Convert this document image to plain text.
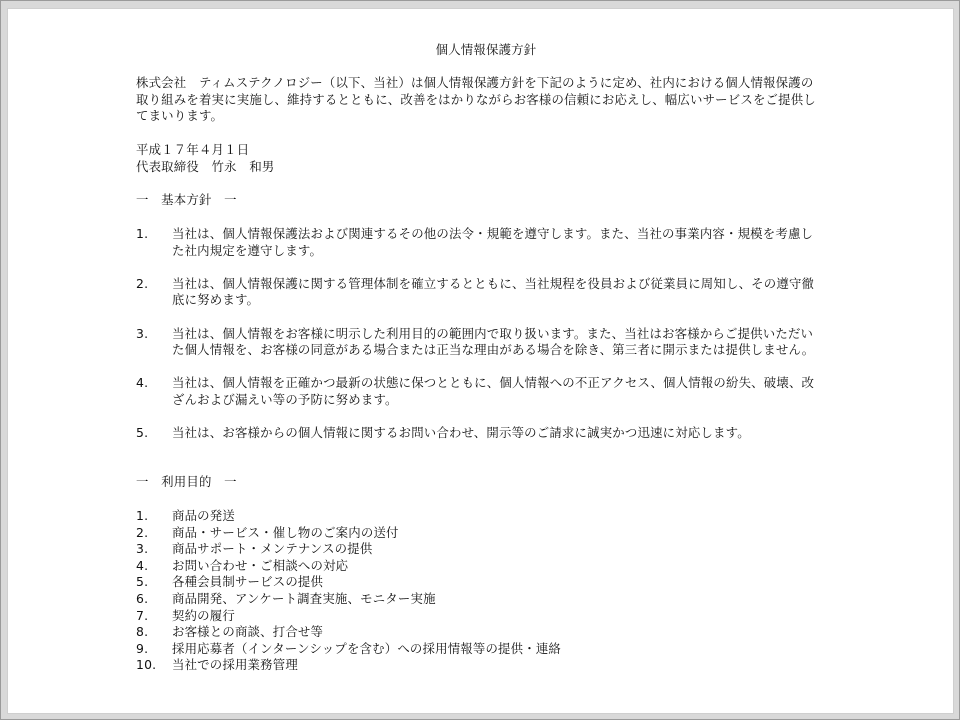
個人情報保護方針

株式会社　ティムステクノロジー（以下、当社）は個人情報保護方針を下記のように定め、社内における個人情報保護の取り組みを着実に実施し、維持するとともに、改善をはかりながらお客様の信頼にお応えし、幅広いサービスをご提供してまいります。

平成１７年４月１日
代表取締役　竹永　和男
一　基本方針　一
1. 当社は、個人情報保護法および関連するその他の法令・規範を遵守します。また、当社の事業内容・規模を考慮した社内規定を遵守します。
2. 当社は、個人情報保護に関する管理体制を確立するとともに、当社規程を役員および従業員に周知し、その遵守徹底に努めます。
3. 当社は、個人情報をお客様に明示した利用目的の範囲内で取り扱います。また、当社はお客様からご提供いただいた個人情報を、お客様の同意がある場合または正当な理由がある場合を除き、第三者に開示または提供しません。
4. 当社は、個人情報を正確かつ最新の状態に保つとともに、個人情報への不正アクセス、個人情報の紛失、破壊、改ざんおよび漏えい等の予防に努めます。
5. 当社は、お客様からの個人情報に関するお問い合わせ、開示等のご請求に誠実かつ迅速に対応します。
一　利用目的　一
1. 商品の発送
2. 商品・サービス・催し物のご案内の送付
3. 商品サポート・メンテナンスの提供
4. お問い合わせ・ご相談への対応
5. 各種会員制サービスの提供
6. 商品開発、アンケート調査実施、モニター実施
7. 契約の履行
8. お客様との商談、打合せ等
9. 採用応募者（インターンシップを含む）への採用情報等の提供・連絡
10. 当社での採用業務管理
